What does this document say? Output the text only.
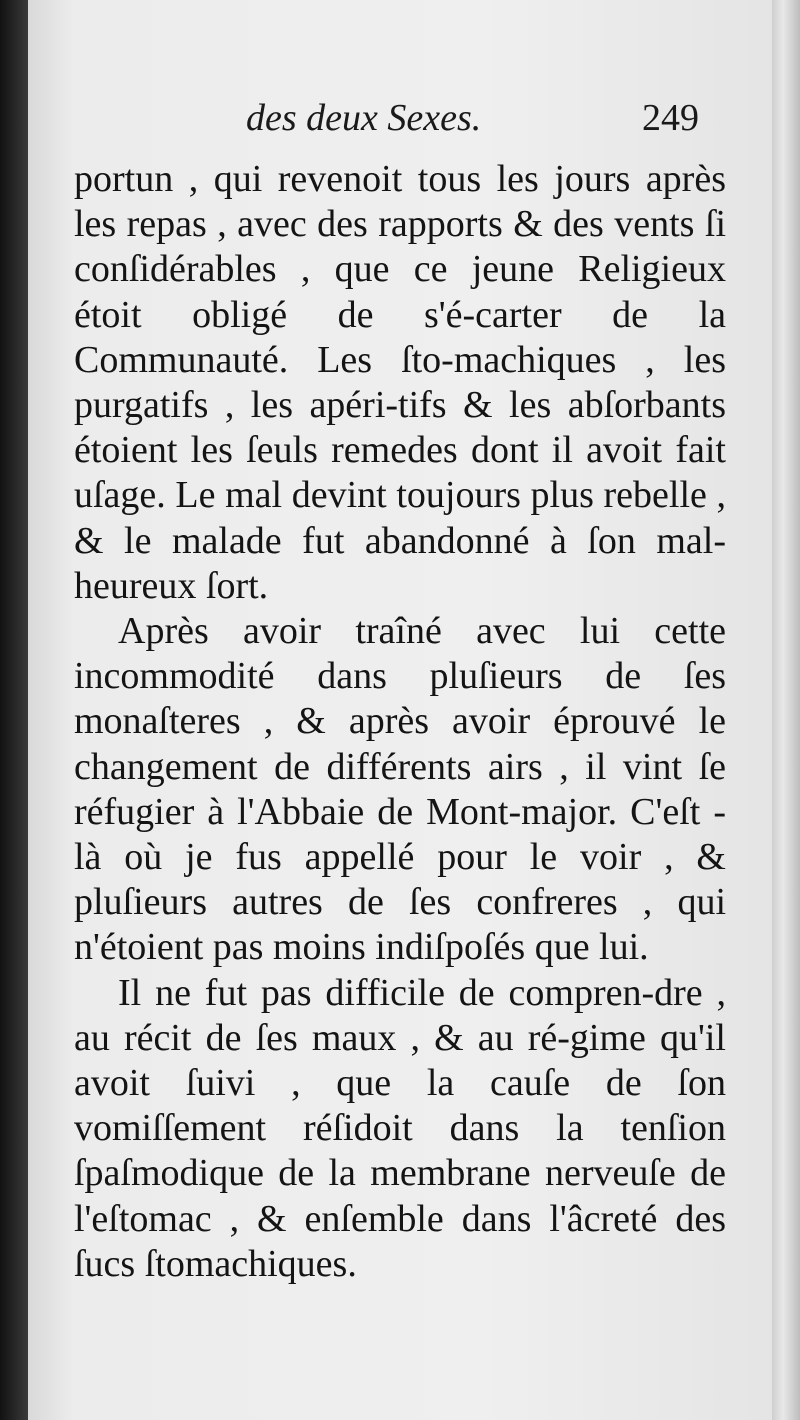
des deux Sexes.	249

portun , qui revenoit tous les jours après les repas , avec des rapports & des vents ſi conſidérables , que ce jeune Religieux étoit obligé de s'é-carter de la Communauté. Les ſto-machiques , les purgatifs , les apéri-tifs & les abſorbants étoient les ſeuls remedes dont il avoit fait uſage. Le mal devint toujours plus rebelle , & le malade fut abandonné à ſon mal-heureux ſort.

Après avoir traîné avec lui cette incommodité dans pluſieurs de ſes monaſteres , & après avoir éprouvé le changement de différents airs , il vint ſe réfugier à l'Abbaie de Mont-major. C'eſt - là où je fus appellé pour le voir , & pluſieurs autres de ſes confreres , qui n'étoient pas moins indiſpoſés que lui.

Il ne fut pas difficile de compren-dre , au récit de ſes maux , & au ré-gime qu'il avoit ſuivi , que la cauſe de ſon vomiſſement réſidoit dans la tenſion ſpaſmodique de la membrane nerveuſe de l'eſtomac , & enſemble dans l'âcreté des ſucs ſtomachiques.
